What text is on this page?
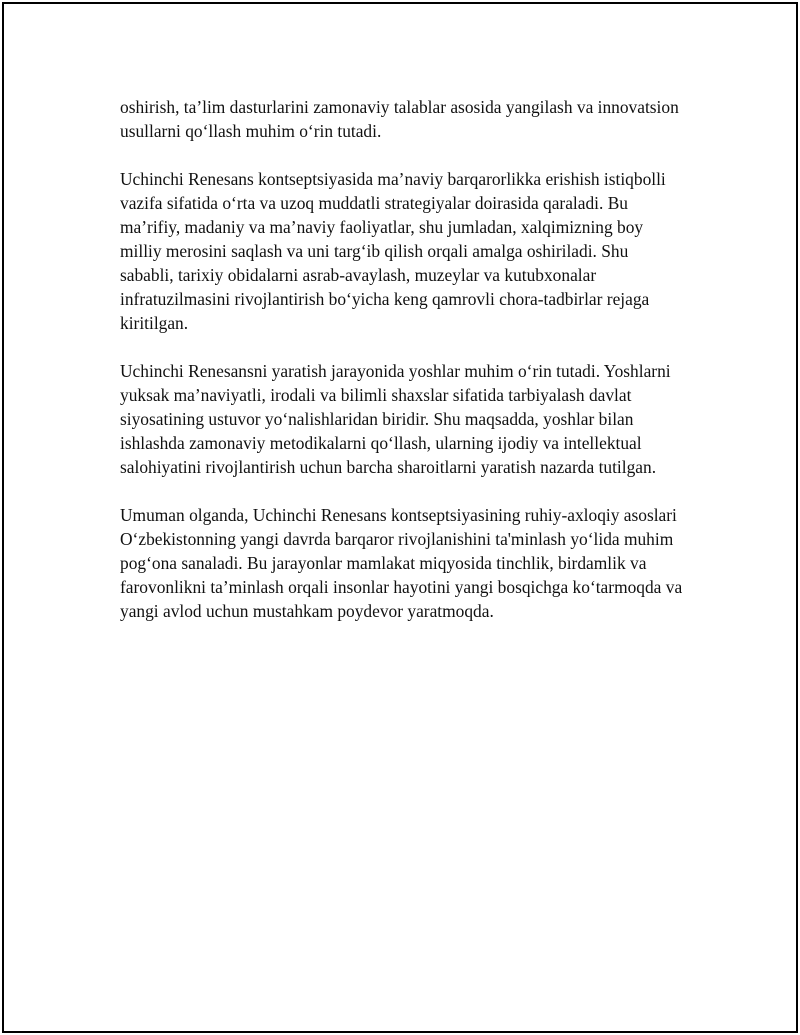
oshirish, ta’lim dasturlarini zamonaviy talablar asosida yangilash va innovatsion usullarni qo‘llash muhim o‘rin tutadi.

Uchinchi Renesans kontseptsiyasida ma’naviy barqarorlikka erishish istiqbolli vazifa sifatida o‘rta va uzoq muddatli strategiyalar doirasida qaraladi. Bu ma’rifiy, madaniy va ma’naviy faoliyatlar, shu jumladan, xalqimizning boy milliy merosini saqlash va uni targ‘ib qilish orqali amalga oshiriladi. Shu sababli, tarixiy obidalarni asrab-avaylash, muzeylar va kutubxonalar infratuzilmasini rivojlantirish bo‘yicha keng qamrovli chora-tadbirlar rejaga kiritilgan.

Uchinchi Renesansni yaratish jarayonida yoshlar muhim o‘rin tutadi. Yoshlarni yuksak ma’naviyatli, irodali va bilimli shaxslar sifatida tarbiyalash davlat siyosatining ustuvor yo‘nalishlaridan biridir. Shu maqsadda, yoshlar bilan ishlashda zamonaviy metodikalarni qo‘llash, ularning ijodiy va intellektual salohiyatini rivojlantirish uchun barcha sharoitlarni yaratish nazarda tutilgan.

Umuman olganda, Uchinchi Renesans kontseptsiyasining ruhiy-axloqiy asoslari O‘zbekistonning yangi davrda barqaror rivojlanishini ta'minlash yo‘lida muhim pog‘ona sanaladi. Bu jarayonlar mamlakat miqyosida tinchlik, birdamlik va farovonlikni ta’minlash orqali insonlar hayotini yangi bosqichga ko‘tarmoqda va yangi avlod uchun mustahkam poydevor yaratmoqda.
